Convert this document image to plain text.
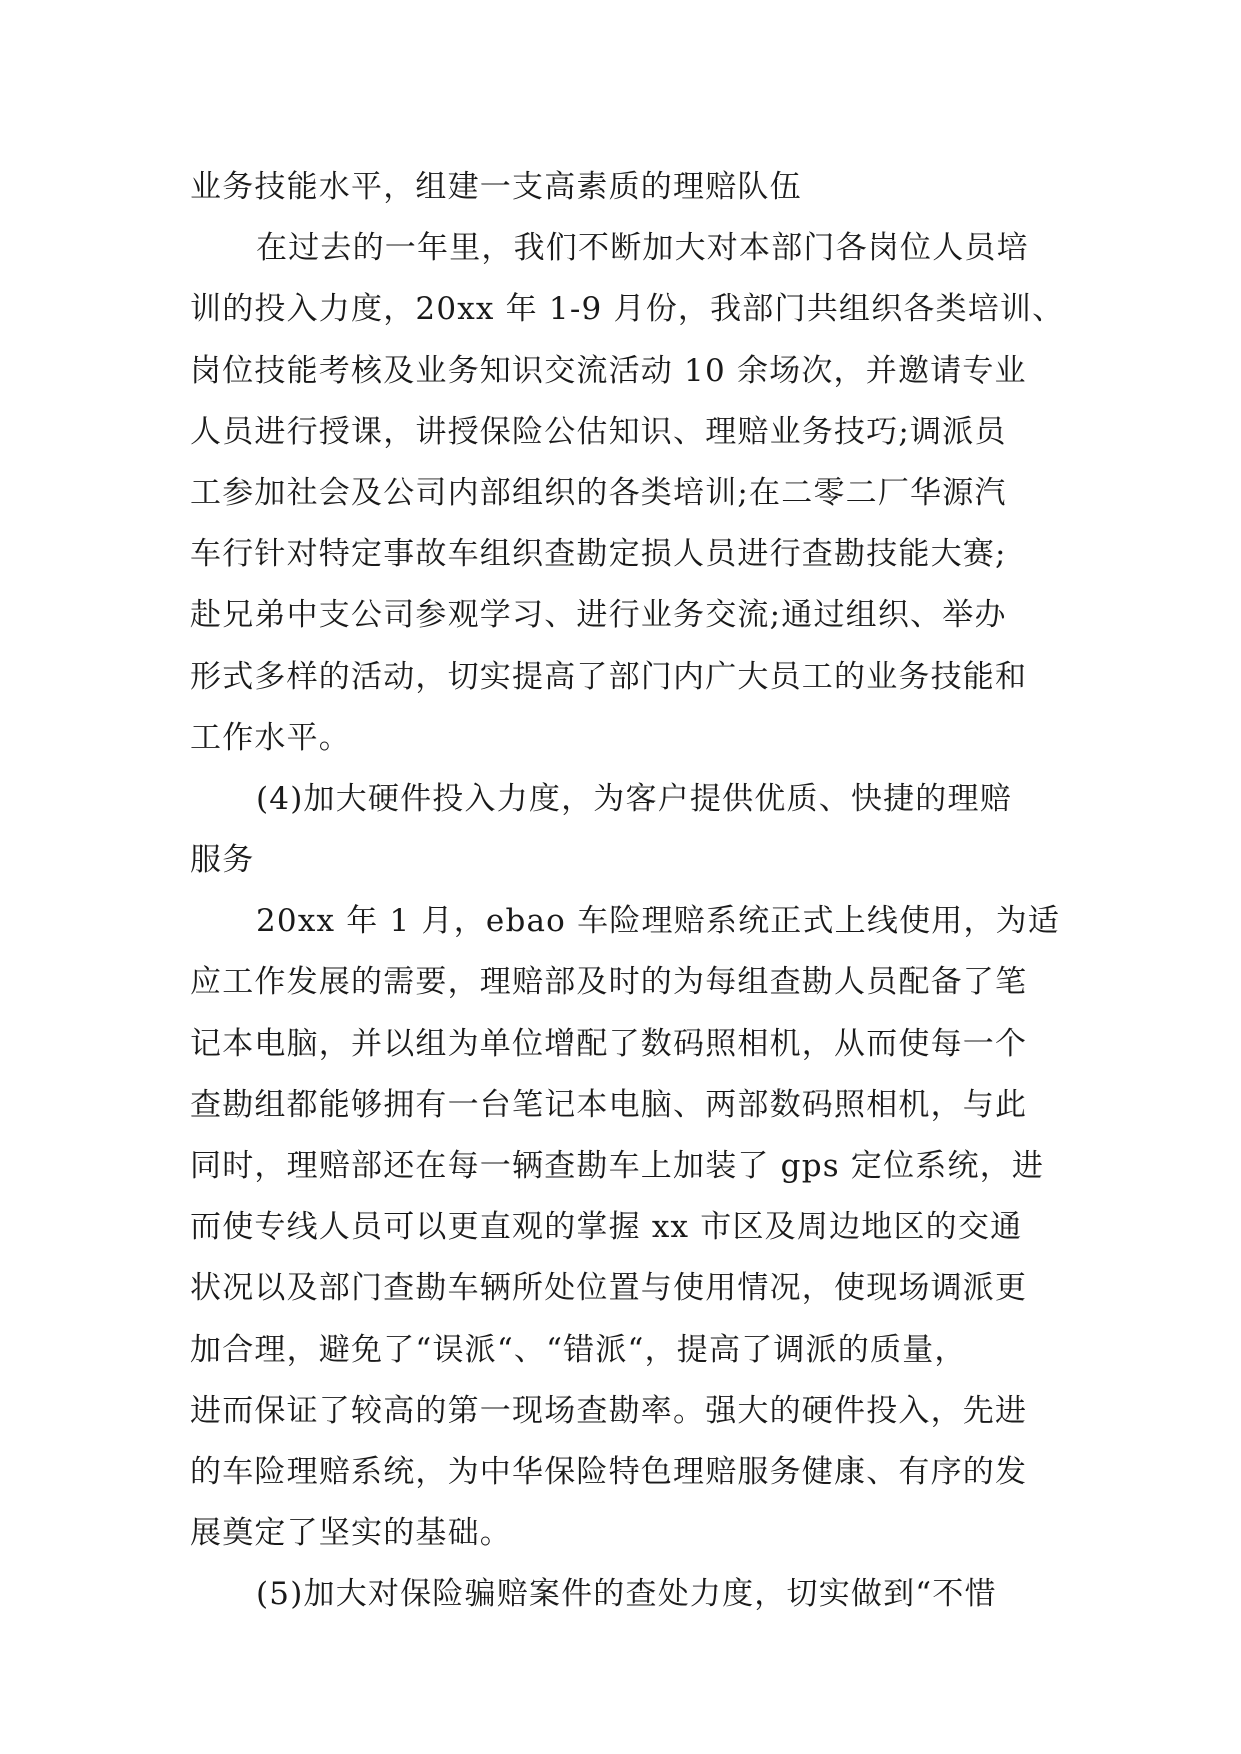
业务技能水平，组建一支高素质的理赔队伍
在过去的一年里，我们不断加大对本部门各岗位人员培
训的投入力度，20xx 年 1-9 月份，我部门共组织各类培训、
岗位技能考核及业务知识交流活动 10 余场次，并邀请专业
人员进行授课，讲授保险公估知识、理赔业务技巧;调派员
工参加社会及公司内部组织的各类培训;在二零二厂华源汽
车行针对特定事故车组织查勘定损人员进行查勘技能大赛;
赴兄弟中支公司参观学习、进行业务交流;通过组织、举办
形式多样的活动，切实提高了部门内广大员工的业务技能和
工作水平。
(4)加大硬件投入力度，为客户提供优质、快捷的理赔
服务
20xx 年 1 月，ebao 车险理赔系统正式上线使用，为适
应工作发展的需要，理赔部及时的为每组查勘人员配备了笔
记本电脑，并以组为单位增配了数码照相机，从而使每一个
查勘组都能够拥有一台笔记本电脑、两部数码照相机，与此
同时，理赔部还在每一辆查勘车上加装了 gps 定位系统，进
而使专线人员可以更直观的掌握 xx 市区及周边地区的交通
状况以及部门查勘车辆所处位置与使用情况，使现场调派更
加合理，避免了“误派“、“错派“，提高了调派的质量，
进而保证了较高的第一现场查勘率。强大的硬件投入，先进
的车险理赔系统，为中华保险特色理赔服务健康、有序的发
展奠定了坚实的基础。
(5)加大对保险骗赔案件的查处力度，切实做到“不惜
